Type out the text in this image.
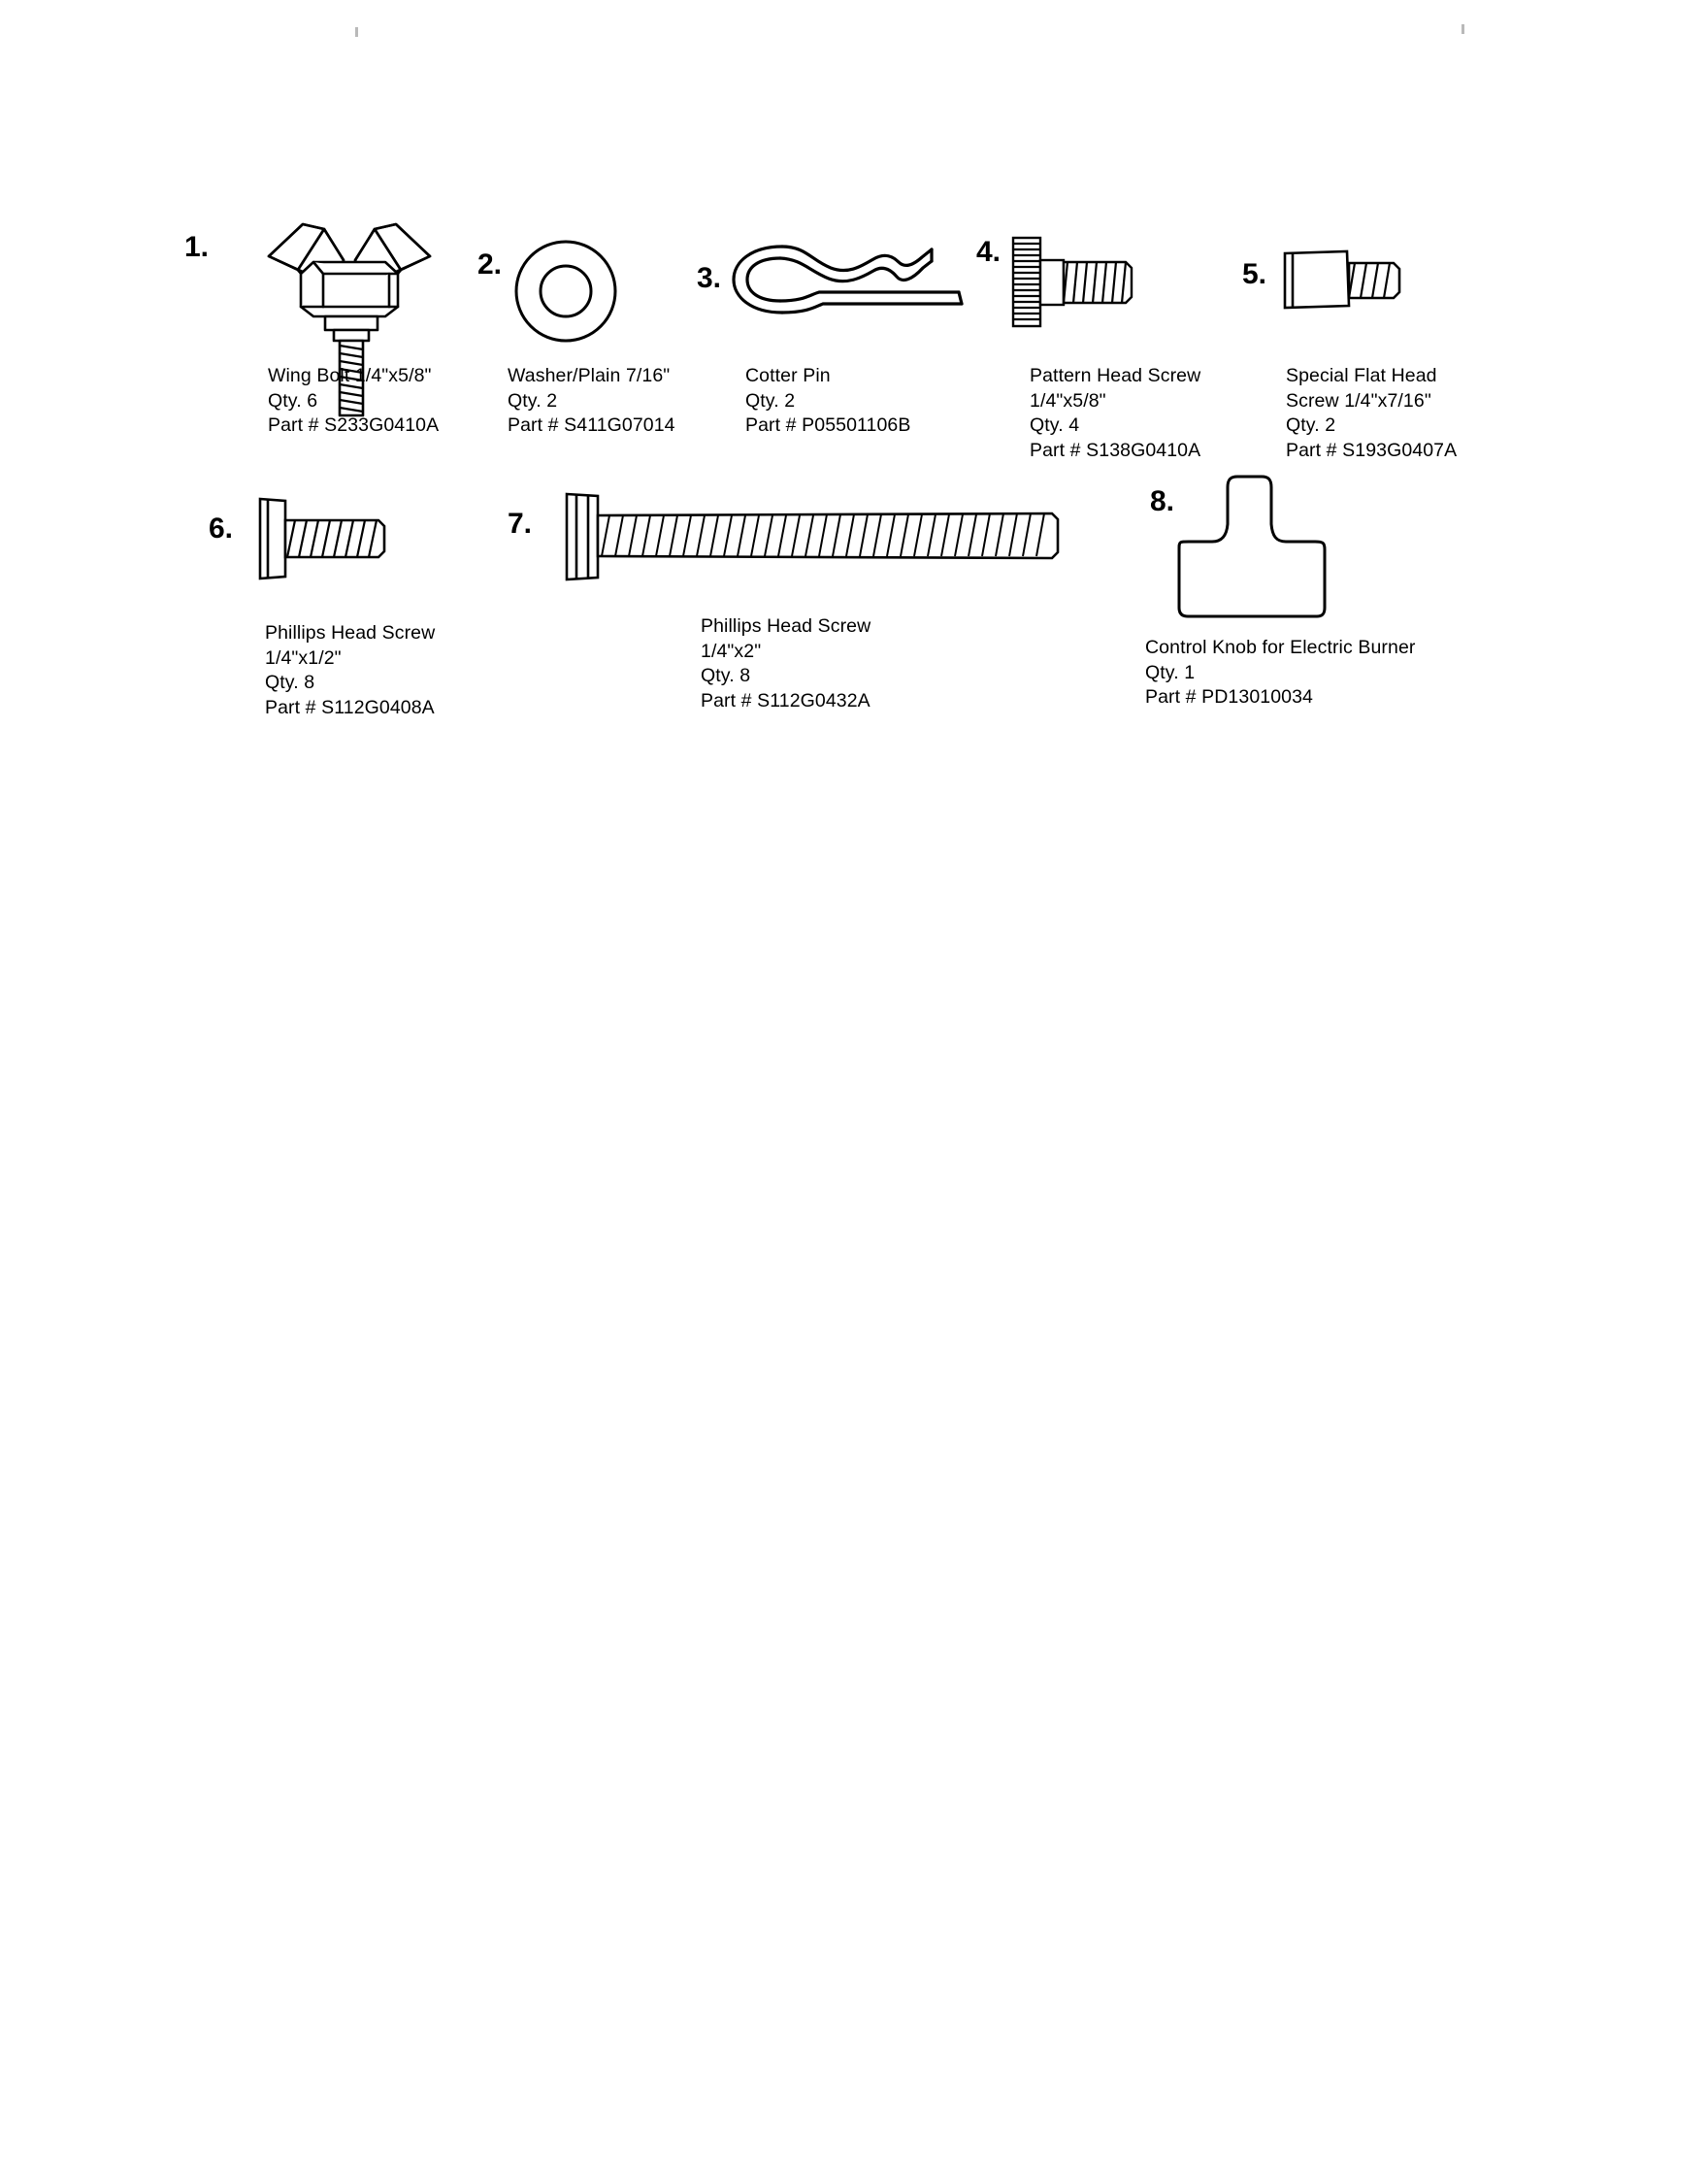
1.
Wing Bolt 1/4"x5/8"
Qty. 6
Part # S233G0410A
2.
Washer/Plain 7/16"
Qty. 2
Part # S411G07014
3.
Cotter Pin
Qty. 2
Part # P05501106B
4.
Pattern Head Screw
1/4"x5/8"
Qty. 4
Part # S138G0410A
5.
Special Flat Head
Screw 1/4"x7/16"
Qty. 2
Part # S193G0407A
6.
Phillips Head Screw
1/4"x1/2"
Qty. 8
Part # S112G0408A
7.
Phillips Head Screw
1/4"x2"
Qty. 8
Part # S112G0432A
8.
Control Knob for Electric Burner
Qty. 1
Part # PD13010034
